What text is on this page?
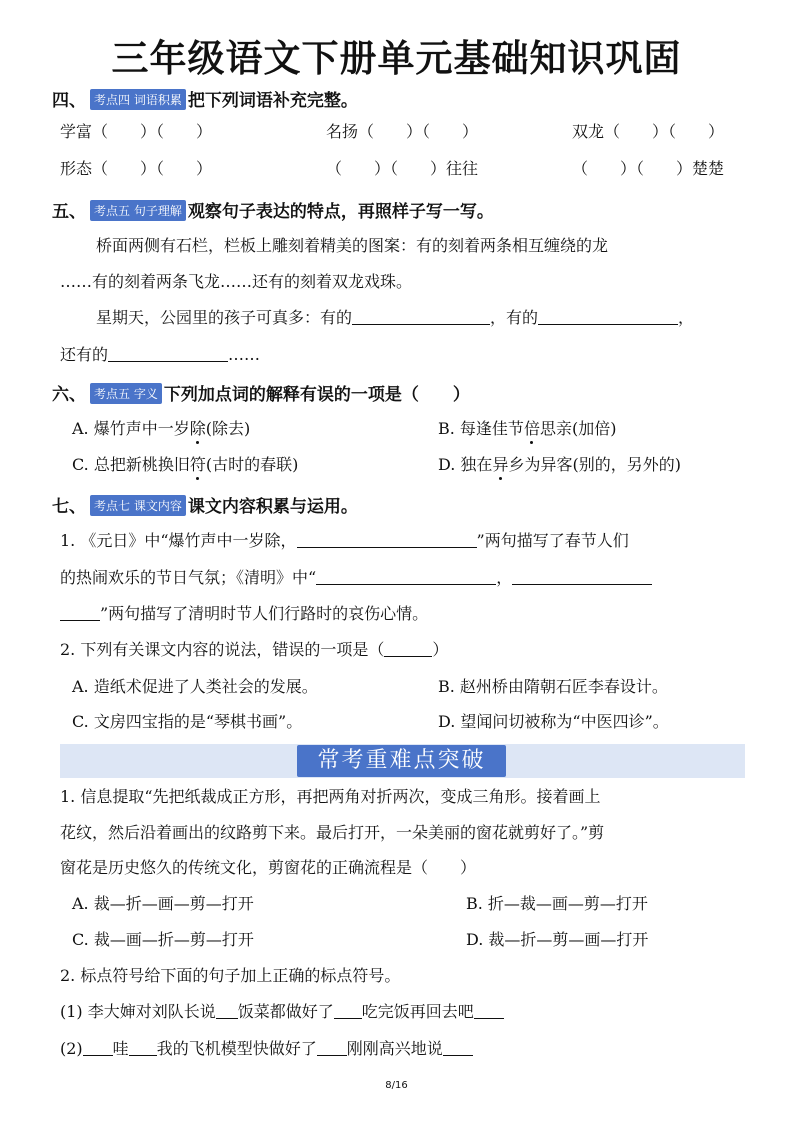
三年级语文下册单元基础知识巩固
四、 考点四 词语积累 把下列词语补充完整。
学富（　　）（　　）	名扬（　　）（　　）	双龙（　　）（　　）
形态（　　）（　　）	（　　）（　　）往往	（　　）（　　）楚楚
五、 考点五 句子理解 观察句子表达的特点，再照样子写一写。
桥面两侧有石栏，栏板上雕刻着精美的图案：有的刻着两条相互缠绕的龙
……有的刻着两条飞龙……还有的刻着双龙戏珠。
星期天，公园里的孩子可真多：有的	，有的	，
还有的	……
六、 考点五 字义 下列加点词的解释有误的一项是（　　）
A. 爆竹声中一岁除(除去)	B. 每逢佳节倍思亲(加倍)
C. 总把新桃换旧符(古时的春联)	D. 独在异乡为异客(别的，另外的)
七、 考点七 课文内容 课文内容积累与运用。
1. 《元日》中“爆竹声中一岁除，	”两句描写了春节人们
的热闹欢乐的节日气氛；《清明》中“	，
”两句描写了清明时节人们行路时的哀伤心情。
2. 下列有关课文内容的说法，错误的一项是（	）
A. 造纸术促进了人类社会的发展。	B. 赵州桥由隋朝石匠李春设计。
C. 文房四宝指的是“琴棋书画”。	D. 望闻问切被称为“中医四诊”。
常考重难点突破
1. 信息提取“先把纸裁成正方形，再把两角对折两次，变成三角形。接着画上
花纹，然后沿着画出的纹路剪下来。最后打开，一朵美丽的窗花就剪好了。”剪
窗花是历史悠久的传统文化，剪窗花的正确流程是（　　）
A. 裁—折—画—剪—打开	B. 折—裁—画—剪—打开
C. 裁—画—折—剪—打开	D. 裁—折—剪—画—打开
2. 标点符号给下面的句子加上正确的标点符号。
(1) 李大婶对刘队长说 饭菜都做好了 吃完饭再回去吧
(2) 哇 我的飞机模型快做好了 刚刚高兴地说
8/16
